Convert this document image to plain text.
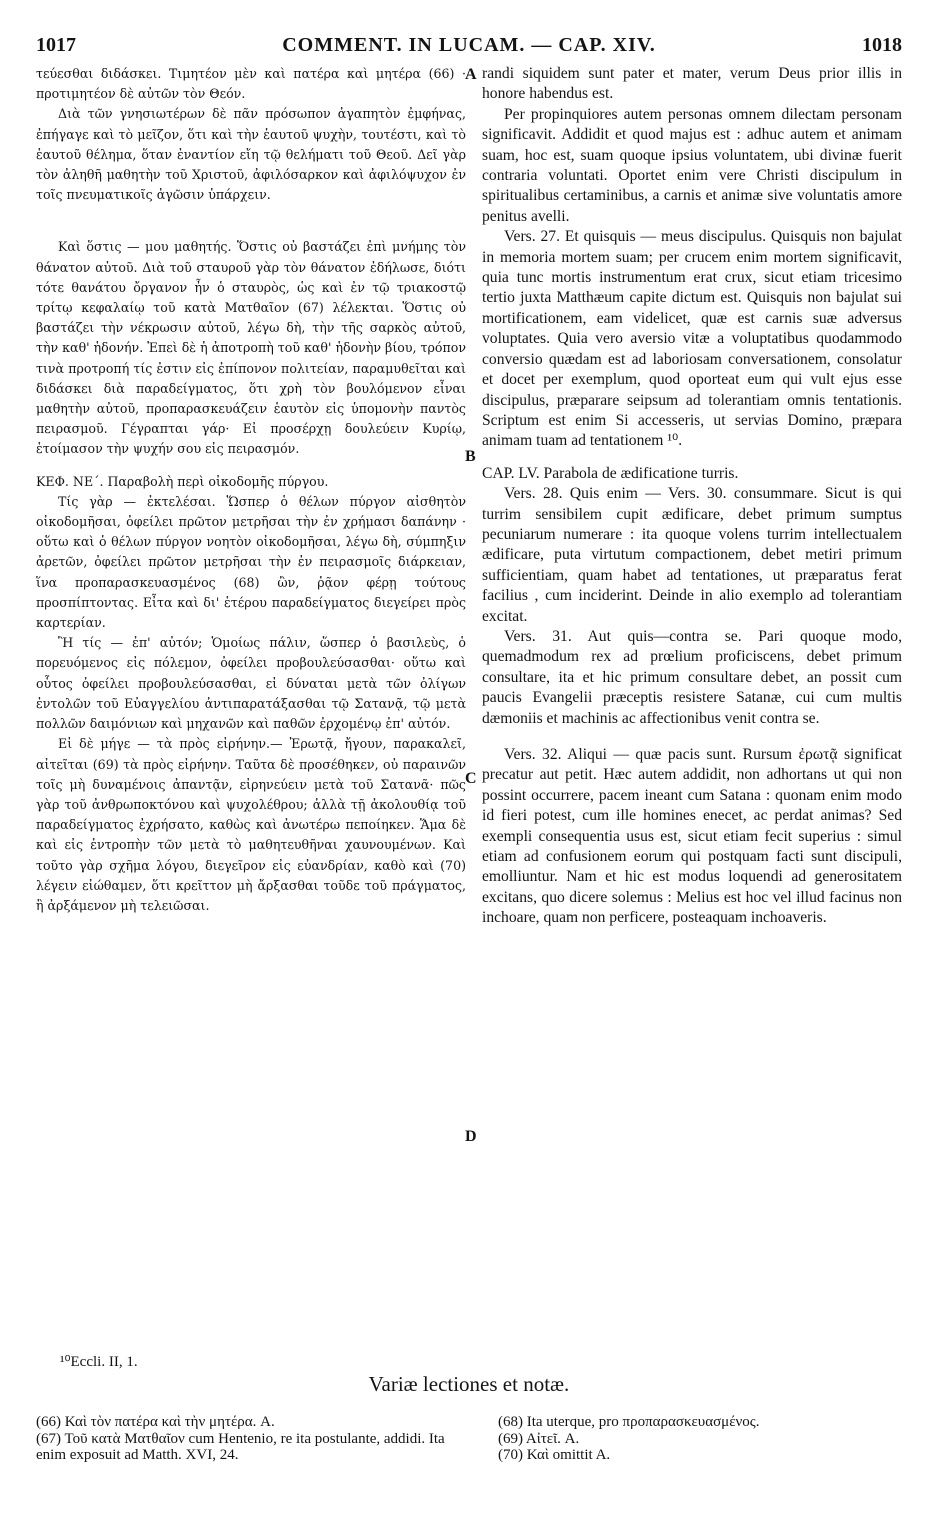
1017	COMMENT. IN LUCAM. — CAP. XIV.	1018
A
B
C
D

τεύεσθαι διδάσκει. Τιμητέον μὲν καὶ πατέρα καὶ μητέρα (66) · προτιμητέον δὲ αὐτῶν τὸν Θεόν.

Διὰ τῶν γνησιωτέρων δὲ πᾶν πρόσωπον ἀγαπητὸν ἐμφήνας, ἐπήγαγε καὶ τὸ μεῖζον, ὅτι καὶ τὴν ἑαυτοῦ ψυχὴν, τουτέστι, καὶ τὸ ἑαυτοῦ θέλημα, ὅταν ἐναντίον εἴη τῷ θελήματι τοῦ Θεοῦ. Δεῖ γὰρ τὸν ἀληθῆ μαθητὴν τοῦ Χριστοῦ, ἀφιλόσαρκον καὶ ἀφιλόψυχον ἐν τοῖς πνευματικοῖς ἀγῶσιν ὑπάρχειν.

Καὶ ὅστις — μου μαθητής. Ὅστις οὐ βαστάζει ἐπὶ μνήμης τὸν θάνατον αὐτοῦ. Διὰ τοῦ σταυροῦ γὰρ τὸν θάνατον ἐδήλωσε, διότι τότε θανάτου ὄργανον ἦν ὁ σταυρὸς, ὡς καὶ ἐν τῷ τριακοστῷ τρίτῳ κεφαλαίῳ τοῦ κατὰ Ματθαῖον (67) λέλεκται. Ὅστις οὐ βαστάζει τὴν νέκρωσιν αὐτοῦ, λέγω δὴ, τὴν τῆς σαρκὸς αὐτοῦ, τὴν καθ' ἡδονήν. Ἐπεὶ δὲ ἡ ἀποτροπὴ τοῦ καθ' ἡδονὴν βίου, τρόπον τινὰ προτροπή τίς ἐστιν εἰς ἐπίπονον πολιτείαν, παραμυθεῖται καὶ διδάσκει διὰ παραδείγματος, ὅτι χρὴ τὸν βουλόμενον εἶναι μαθητὴν αὐτοῦ, προπαρασκευάζειν ἑαυτὸν εἰς ὑπομονὴν παντὸς πειρασμοῦ. Γέγραπται γάρ· Εἰ προσέρχῃ δουλεύειν Κυρίῳ, ἑτοίμασον τὴν ψυχήν σου εἰς πειρασμόν.

ΚΕΦ. ΝΕ΄. Παραβολὴ περὶ οἰκοδομῆς πύργου.

Τίς γὰρ — ἐκτελέσαι. Ὥσπερ ὁ θέλων πύργον αἰσθητὸν οἰκοδομῆσαι, ὀφείλει πρῶτον μετρῆσαι τὴν ἐν χρήμασι δαπάνην · οὕτω καὶ ὁ θέλων πύργον νοητὸν οἰκοδομῆσαι, λέγω δὴ, σύμπηξιν ἀρετῶν, ὀφείλει πρῶτον μετρῆσαι τὴν ἐν πειρασμοῖς διάρκειαν, ἵνα προπαρασκευασμένος (68) ὢν, ῥᾷον φέρῃ τούτους προσπίπτοντας. Εἶτα καὶ δι' ἑτέρου παραδείγματος διεγείρει πρὸς καρτερίαν.

Ἢ τίς — ἐπ' αὐτόν; Ὁμοίως πάλιν, ὥσπερ ὁ βασιλεὺς, ὁ πορευόμενος εἰς πόλεμον, ὀφείλει προβουλεύσασθαι· οὕτω καὶ οὗτος ὀφείλει προβουλεύσασθαι, εἰ δύναται μετὰ τῶν ὀλίγων ἐντολῶν τοῦ Εὐαγγελίου ἀντιπαρατάξασθαι τῷ Σατανᾷ, τῷ μετὰ πολλῶν δαιμόνιων καὶ μηχανῶν καὶ παθῶν ἐρχομένῳ ἐπ' αὐτόν.

Εἰ δὲ μήγε — τὰ πρὸς εἰρήνην.— Ἐρωτᾷ, ἤγουν, παρακαλεῖ, αἰτεῖται (69) τὰ πρὸς εἰρήνην. Ταῦτα δὲ προσέθηκεν, οὐ παραινῶν τοῖς μὴ δυναμένοις ἀπαντᾷν, εἰρηνεύειν μετὰ τοῦ Σατανᾶ· πῶς γὰρ τοῦ ἀνθρωποκτόνου καὶ ψυχολέθρου; ἀλλὰ τῇ ἀκολουθίᾳ τοῦ παραδείγματος ἐχρήσατο, καθὼς καὶ ἀνωτέρω πεποίηκεν. Ἅμα δὲ καὶ εἰς ἐντροπὴν τῶν μετὰ τὸ μαθητευθῆναι χαυνουμένων. Καὶ τοῦτο γὰρ σχῆμα λόγου, διεγεῖρον εἰς εὐανδρίαν, καθὸ καὶ (70) λέγειν εἰώθαμεν, ὅτι κρεῖττον μὴ ἄρξασθαι τοῦδε τοῦ πράγματος, ἢ ἀρξάμενον μὴ τελειῶσαι.

randi siquidem sunt pater et mater, verum Deus prior illis in honore habendus est.

Per propinquiores autem personas omnem dilectam personam significavit. Addidit et quod majus est : adhuc autem et animam suam, hoc est, suam quoque ipsius voluntatem, ubi divinæ fuerit contraria voluntati. Oportet enim vere Christi discipulum in spiritualibus certaminibus, a carnis et animæ sive voluntatis amore penitus avelli.

Vers. 27. Et quisquis — meus discipulus. Quisquis non bajulat in memoria mortem suam; per crucem enim mortem significavit, quia tunc mortis instrumentum erat crux, sicut etiam tricesimo tertio juxta Matthæum capite dictum est. Quisquis non bajulat sui mortificationem, eam videlicet, quæ est carnis suæ adversus voluptates. Quia vero aversio vitæ a voluptatibus quodammodo conversio quædam est ad laboriosam conversationem, consolatur et docet per exemplum, quod oporteat eum qui vult ejus esse discipulus, præparare seipsum ad tolerantiam omnis tentationis. Scriptum est enim Si accesseris, ut servias Domino, præpara animam tuam ad tentationem ¹⁰.

CAP. LV. Parabola de ædificatione turris.

Vers. 28. Quis enim — Vers. 30. consummare. Sicut is qui turrim sensibilem cupit ædificare, debet primum sumptus pecuniarum numerare : ita quoque volens turrim intellectualem ædificare, puta virtutum compactionem, debet metiri primum sufficientiam, quam habet ad tentationes, ut præparatus ferat facilius , cum inciderint. Deinde in alio exemplo ad tolerantiam excitat.

Vers. 31. Aut quis—contra se. Pari quoque modo, quemadmodum rex ad prœlium proficiscens, debet primum consultare, ita et hic primum consultare debet, an possit cum paucis Evangelii præceptis resistere Satanæ, cui cum multis dæmoniis et machinis ac affectionibus venit contra se.

Vers. 32. Aliqui — quæ pacis sunt. Rursum ἐρωτᾷ significat precatur aut petit. Hæc autem addidit, non adhortans ut qui non possint occurrere, pacem ineant cum Satana : quonam enim modo id fieri potest, cum ille homines enecet, ac perdat animas? Sed exempli consequentia usus est, sicut etiam fecit superius : simul etiam ad confusionem eorum qui postquam facti sunt discipuli, emolliuntur. Nam et hic est modus loquendi ad generositatem excitans, quo dicere solemus : Melius est hoc vel illud facinus non inchoare, quam non perficere, posteaquam inchoaveris.

¹⁰Eccli. II, 1.
Variæ lectiones et notæ.
(66) Καὶ τὸν πατέρα καὶ τὴν μητέρα. A.
(67) Τοῦ κατὰ Ματθαῖον cum Hentenio, re ita postulante, addidi. Ita enim exposuit ad Matth. XVI, 24.
(68) Ita uterque, pro προπαρασκευασμένος.
(69) Αἰτεῖ. A.
(70) Καὶ omittit A.
